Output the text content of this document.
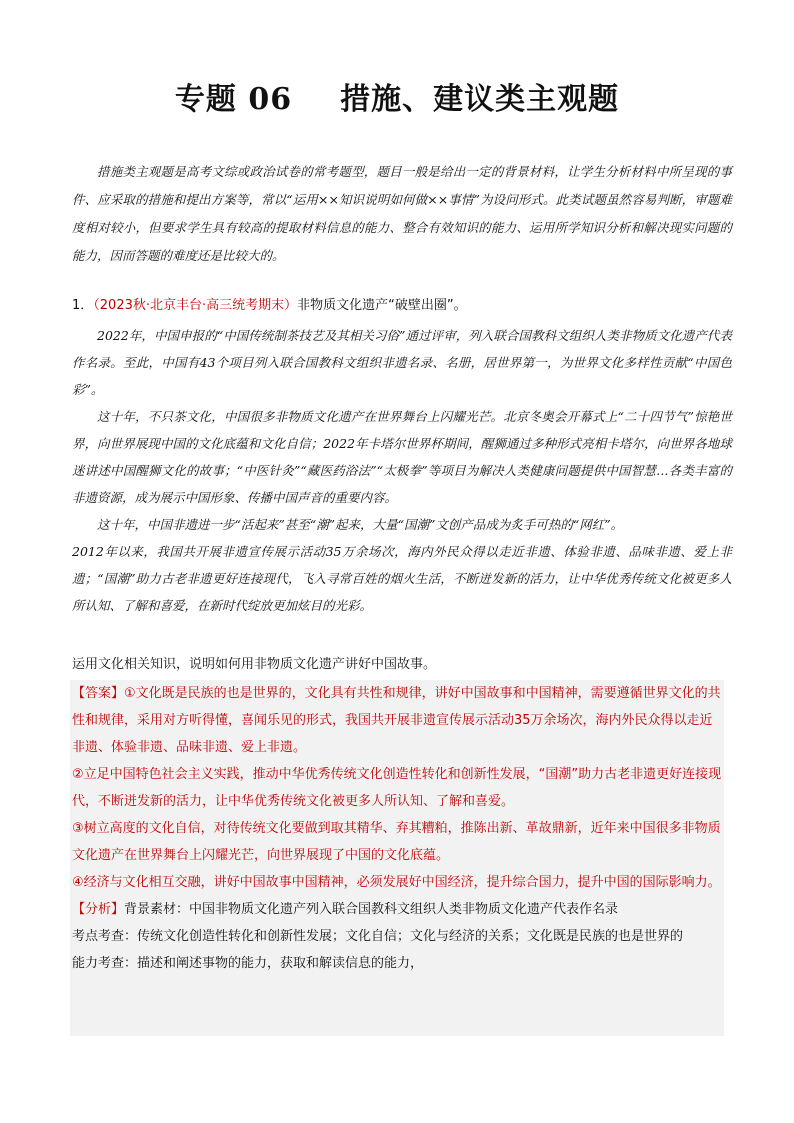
专题 06 措施、建议类主观题

措施类主观题是高考文综或政治试卷的常考题型，题目一般是给出一定的背景材料，让学生分析材料中所呈现的事件、应采取的措施和提出方案等，常以“运用××知识说明如何做××事情”为设问形式。此类试题虽然容易判断，审题难度相对较小，但要求学生具有较高的提取材料信息的能力、整合有效知识的能力、运用所学知识分析和解决现实问题的能力，因而答题的难度还是比较大的。

1．（2023秋·北京丰台·高三统考期末）非物质文化遗产“破壁出圈”。

2022年，中国申报的“中国传统制茶技艺及其相关习俗”通过评审，列入联合国教科文组织人类非物质文化遗产代表作名录。至此，中国有43个项目列入联合国教科文组织非遗名录、名册，居世界第一，为世界文化多样性贡献“中国色彩”。

这十年，不只茶文化，中国很多非物质文化遗产在世界舞台上闪耀光芒。北京冬奥会开幕式上“二十四节气”惊艳世界，向世界展现中国的文化底蕴和文化自信；2022年卡塔尔世界杯期间，醒狮通过多种形式亮相卡塔尔，向世界各地球迷讲述中国醒狮文化的故事；“中医针灸”“藏医药浴法”“太极拳”等项目为解决人类健康问题提供中国智慧…各类丰富的非遗资源，成为展示中国形象、传播中国声音的重要内容。

这十年，中国非遗进一步“活起来”甚至“潮”起来，大量“国潮”文创产品成为炙手可热的“网红”。

2012年以来，我国共开展非遗宣传展示活动35万余场次，海内外民众得以走近非遗、体验非遗、品味非遗、爱上非遗；“国潮”助力古老非遗更好连接现代，飞入寻常百姓的烟火生活，不断迸发新的活力，让中华优秀传统文化被更多人所认知、了解和喜爱，在新时代绽放更加炫目的光彩。

运用文化相关知识，说明如何用非物质文化遗产讲好中国故事。

【答案】①文化既是民族的也是世界的，文化具有共性和规律，讲好中国故事和中国精神，需要遵循世界文化的共性和规律，采用对方听得懂，喜闻乐见的形式，我国共开展非遗宣传展示活动35万余场次，海内外民众得以走近非遗、体验非遗、品味非遗、爱上非遗。

②立足中国特色社会主义实践，推动中华优秀传统文化创造性转化和创新性发展，“国潮”助力古老非遗更好连接现代，不断迸发新的活力，让中华优秀传统文化被更多人所认知、了解和喜爱。

③树立高度的文化自信，对待传统文化要做到取其精华、弃其糟粕，推陈出新、革故鼎新，近年来中国很多非物质文化遗产在世界舞台上闪耀光芒，向世界展现了中国的文化底蕴。

④经济与文化相互交融，讲好中国故事中国精神，必须发展好中国经济，提升综合国力，提升中国的国际影响力。

【分析】背景素材：中国非物质文化遗产列入联合国教科文组织人类非物质文化遗产代表作名录

考点考查：传统文化创造性转化和创新性发展；文化自信；文化与经济的关系；文化既是民族的也是世界的

能力考查：描述和阐述事物的能力，获取和解读信息的能力，
